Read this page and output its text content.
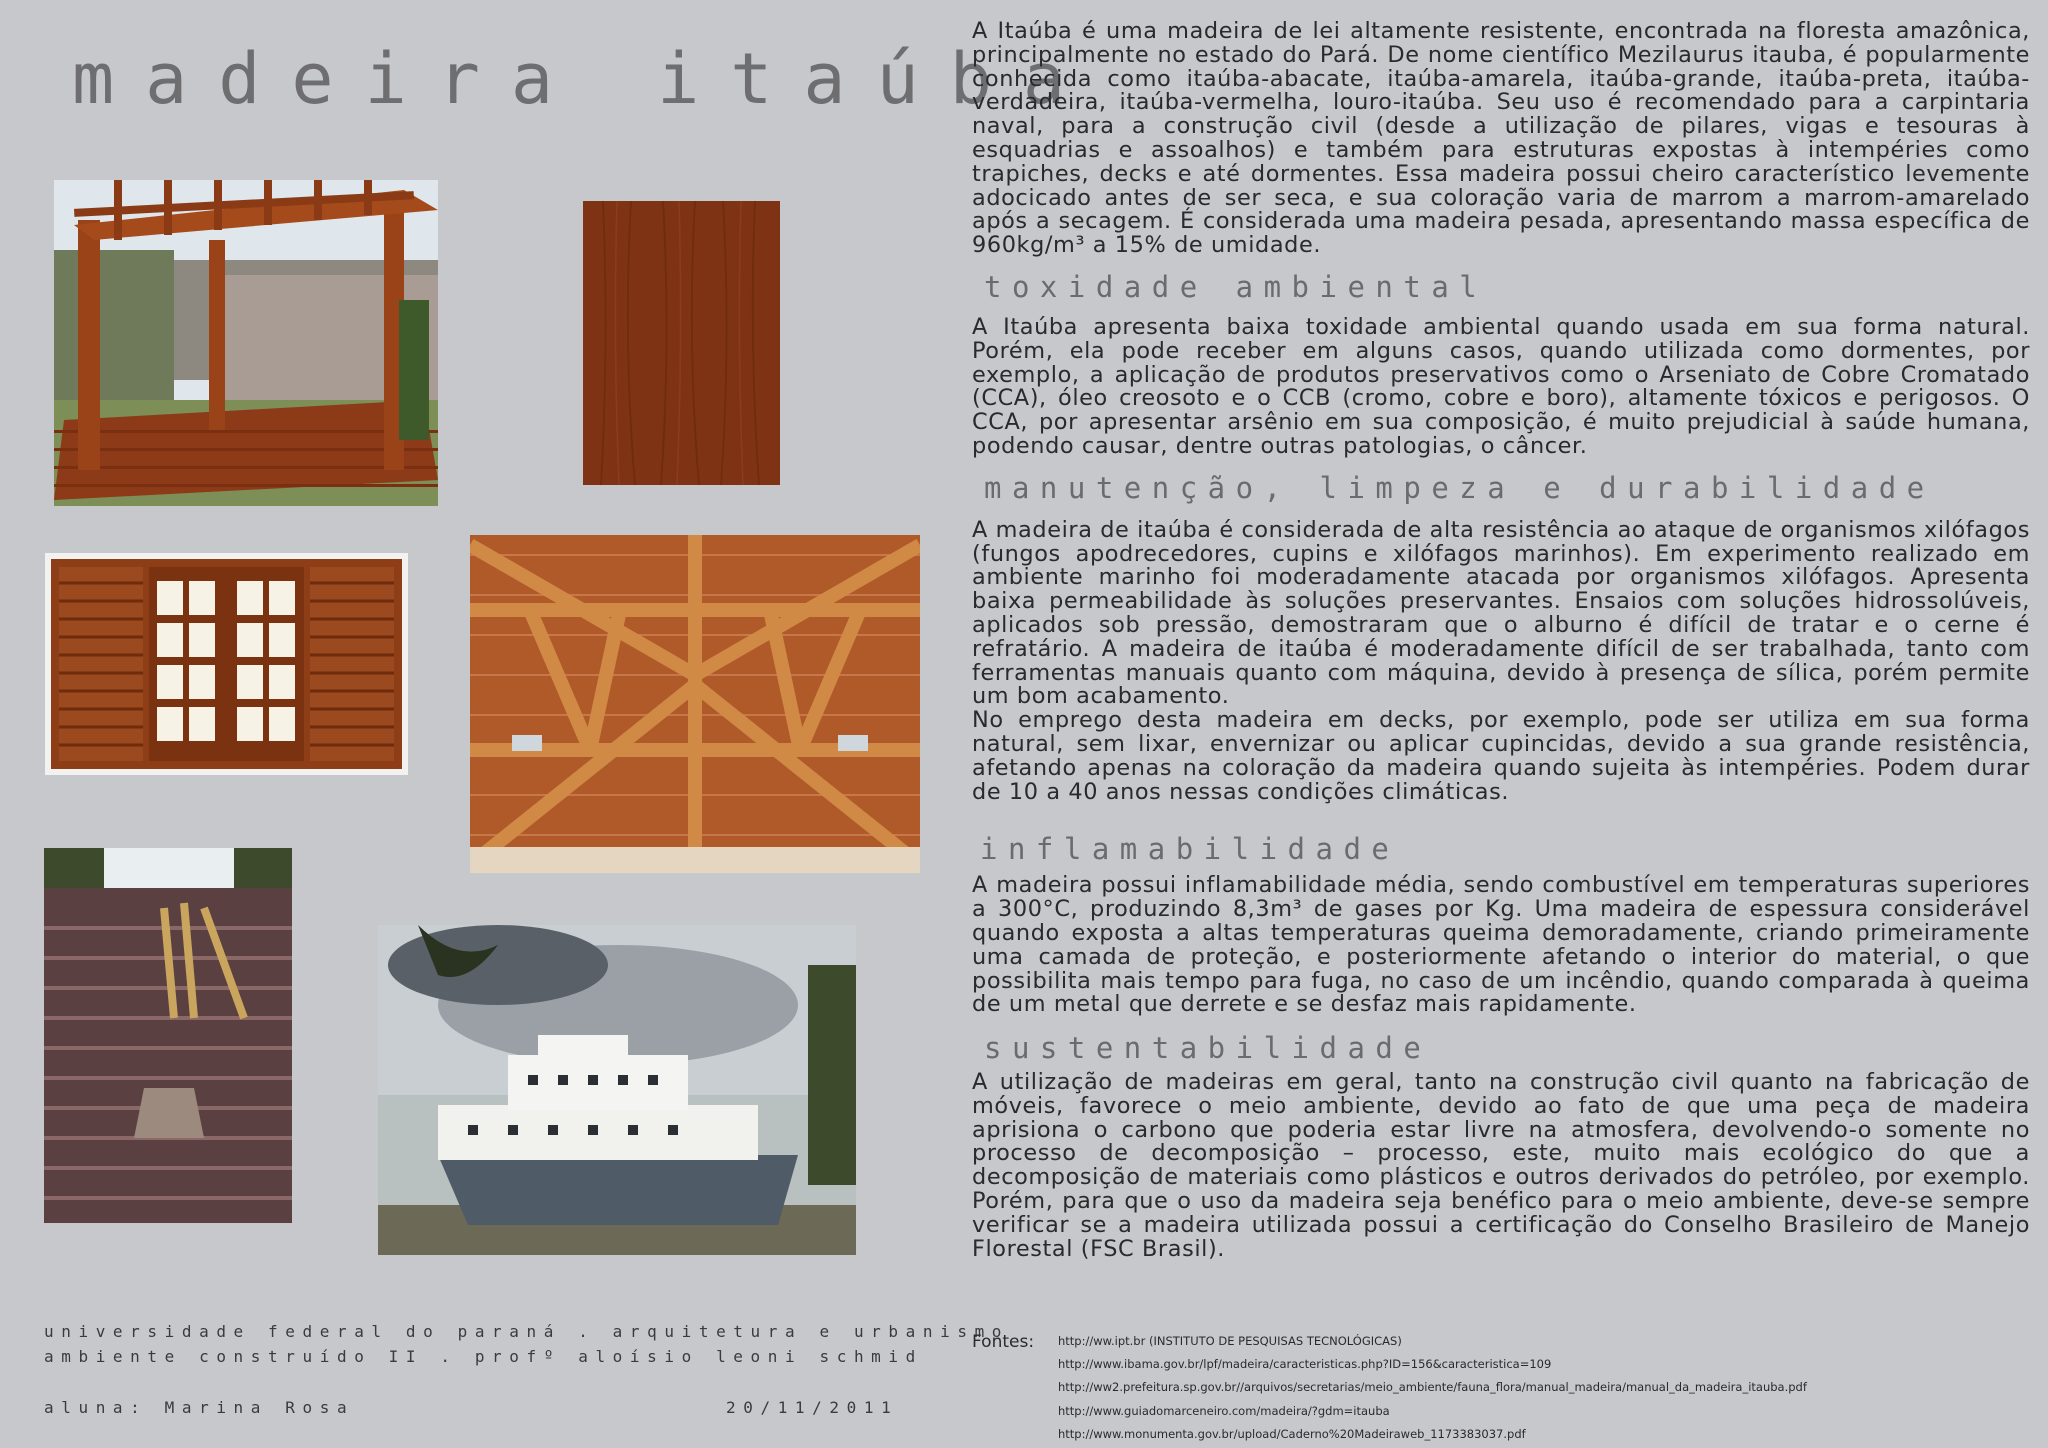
madeira itaúba

A Itaúba é uma madeira de lei altamente resistente, encontrada na floresta amazônica, principalmente no estado do Pará. De nome científico Mezilaurus itauba, é popularmente conhecida como itaúba-abacate, itaúba-amarela, itaúba-grande, itaúba-preta, itaúba-verdadeira, itaúba-vermelha, louro-itaúba. Seu uso é recomendado para a carpintaria naval, para a construção civil (desde a utilização de pilares, vigas e tesouras à esquadrias e assoalhos) e também para estruturas expostas à intempéries como trapiches, decks e até dormentes. Essa madeira possui cheiro característico levemente adocicado antes de ser seca, e sua coloração varia de marrom a marrom-amarelado após a secagem. É considerada uma madeira pesada, apresentando massa específica de 960kg/m³ a 15% de umidade.

toxidade ambiental

A Itaúba apresenta baixa toxidade ambiental quando usada em sua forma natural. Porém, ela pode receber em alguns casos, quando utilizada como dormentes, por exemplo, a aplicação de produtos preservativos como o Arseniato de Cobre Cromatado (CCA), óleo creosoto e o CCB (cromo, cobre e boro), altamente tóxicos e perigosos. O CCA, por apresentar arsênio em sua composição, é muito prejudicial à saúde humana, podendo causar, dentre outras patologias, o câncer.

manutenção, limpeza e durabilidade

A madeira de itaúba é considerada de alta resistência ao ataque de organismos xilófagos (fungos apodrecedores, cupins e xilófagos marinhos). Em experimento realizado em ambiente marinho foi moderadamente atacada por organismos xilófagos. Apresenta baixa permeabilidade às soluções preservantes. Ensaios com soluções hidrossolúveis, aplicados sob pressão, demostraram que o alburno é difícil de tratar e o cerne é refratário. A madeira de itaúba é moderadamente difícil de ser trabalhada, tanto com ferramentas manuais quanto com máquina, devido à presença de sílica, porém permite um bom acabamento.

No emprego desta madeira em decks, por exemplo, pode ser utiliza em sua forma natural, sem lixar, envernizar ou aplicar cupincidas, devido a sua grande resistência, afetando apenas na coloração da madeira quando sujeita às intempéries. Podem durar de 10 a 40 anos nessas condições climáticas.

inflamabilidade

A madeira possui inflamabilidade média, sendo combustível em temperaturas superiores a 300°C, produzindo 8,3m³ de gases por Kg. Uma madeira de espessura considerável quando exposta a altas temperaturas queima demoradamente, criando primeiramente uma camada de proteção, e posteriormente afetando o interior do material, o que possibilita mais tempo para fuga, no caso de um incêndio, quando comparada à queima de um metal que derrete e se desfaz mais rapidamente.

sustentabilidade

A utilização de madeiras em geral, tanto na construção civil quanto na fabricação de móveis, favorece o meio ambiente, devido ao fato de que uma peça de madeira aprisiona o carbono que poderia estar livre na atmosfera, devolvendo-o somente no processo de decomposição – processo, este, muito mais ecológico do que a decomposição de materiais como plásticos e outros derivados do petróleo, por exemplo. Porém, para que o uso da madeira seja benéfico para o meio ambiente, deve-se sempre verificar se a madeira utilizada possui a certificação do Conselho Brasileiro de Manejo Florestal (FSC Brasil).

universidade federal do paraná . arquitetura e urbanismo
ambiente construído II . profº aloísio leoni schmid
aluna: Marina Rosa	20/11/2011
Fontes: http://ww.ipt.br (INSTITUTO DE PESQUISAS TECNOLÓGICAS)
http://www.ibama.gov.br/lpf/madeira/caracteristicas.php?ID=156&caracteristica=109
http://ww2.prefeitura.sp.gov.br//arquivos/secretarias/meio_ambiente/fauna_flora/manual_madeira/manual_da_madeira_itauba.pdf
http://www.guiadomarceneiro.com/madeira/?gdm=itauba
http://www.monumenta.gov.br/upload/Caderno%20Madeiraweb_1173383037.pdf
